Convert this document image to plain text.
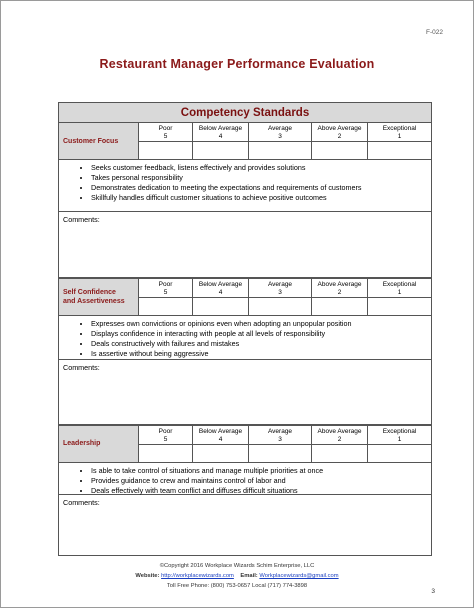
F-022
Restaurant Manager Performance Evaluation
Competency Standards
Customer Focus
Poor
5
Below Average
4
Average
3
Above Average
2
Exceptional
1
• Seeks customer feedback, listens effectively and provides solutions
• Takes personal responsibility
• Demonstrates dedication to meeting the expectations and requirements of customers
• Skillfully handles difficult customer situations to achieve positive outcomes
Comments:
Self Confidence
and Assertiveness
Poor
5
Below Average
4
Average
3
Above Average
2
Exceptional
1
• Expresses own convictions or opinions even when adopting an unpopular position
• Displays confidence in interacting with people at all levels of responsibility
• Deals constructively with failures and mistakes
• Is assertive without being aggressive
Comments:
Leadership
Poor
5
Below Average
4
Average
3
Above Average
2
Exceptional
1
• Is able to take control of situations and manage multiple priorities at once
• Provides guidance to crew and maintains control of labor and
• Deals effectively with team conflict and diffuses difficult situations
Comments:
©Copyright 2016 Workplace Wizards Schim Enterprise, LLC
Website: http://workplacewizards.com Email: Workplacewizards@gmail.com
Toll Free Phone: (800) 753-0657 Local (717) 774-3898
3
